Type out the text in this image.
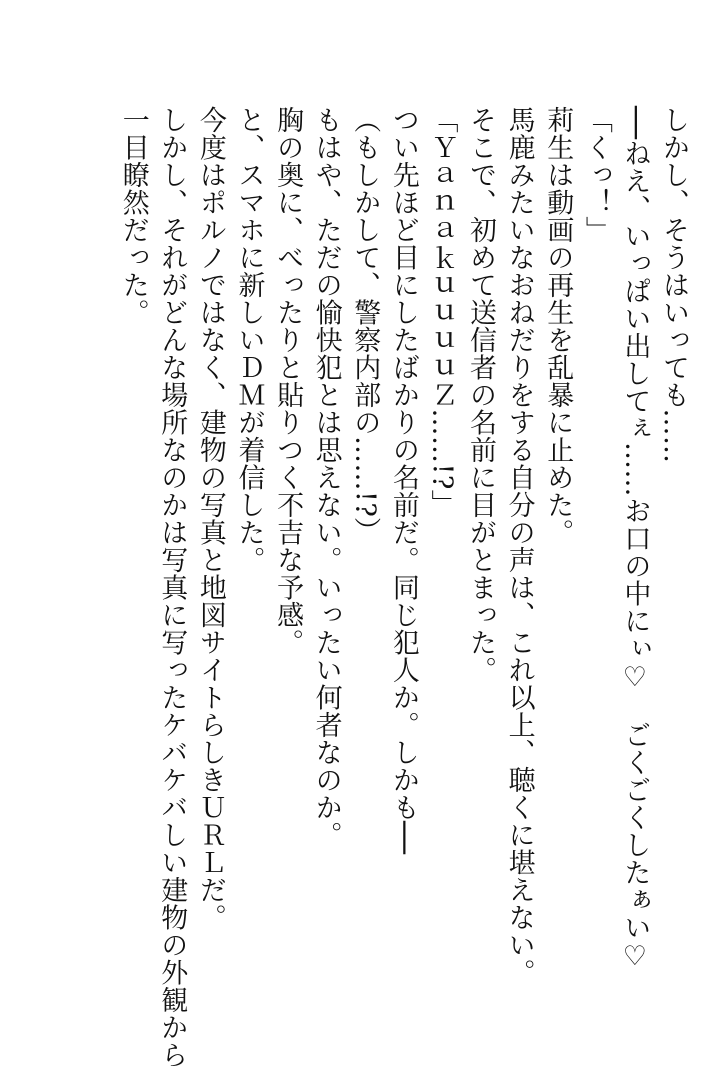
しかし、そうはいっても……
──ねえ、いっぱい出してぇ……お口の中にぃ♡　ごくごくしたぁい♡
「くっ！」
莉生は動画の再生を乱暴に止めた。
馬鹿みたいなおねだりをする自分の声は、これ以上、聴くに堪えない。
そこで、初めて送信者の名前に目がとまった。
「ＹａｎａｋｕｕｕｕＺ……!?」
つい先ほど目にしたばかりの名前だ。同じ犯人か。しかも──
（もしかして、警察内部の……!?）
もはや、ただの愉快犯とは思えない。いったい何者なのか。
胸の奥に、べったりと貼りつく不吉な予感。
と、スマホに新しいＤＭが着信した。
今度はポルノではなく、建物の写真と地図サイトらしきＵＲＬだ。
しかし、それがどんな場所なのかは写真に写ったケバケバしい建物の外観から
一目瞭然だった。
